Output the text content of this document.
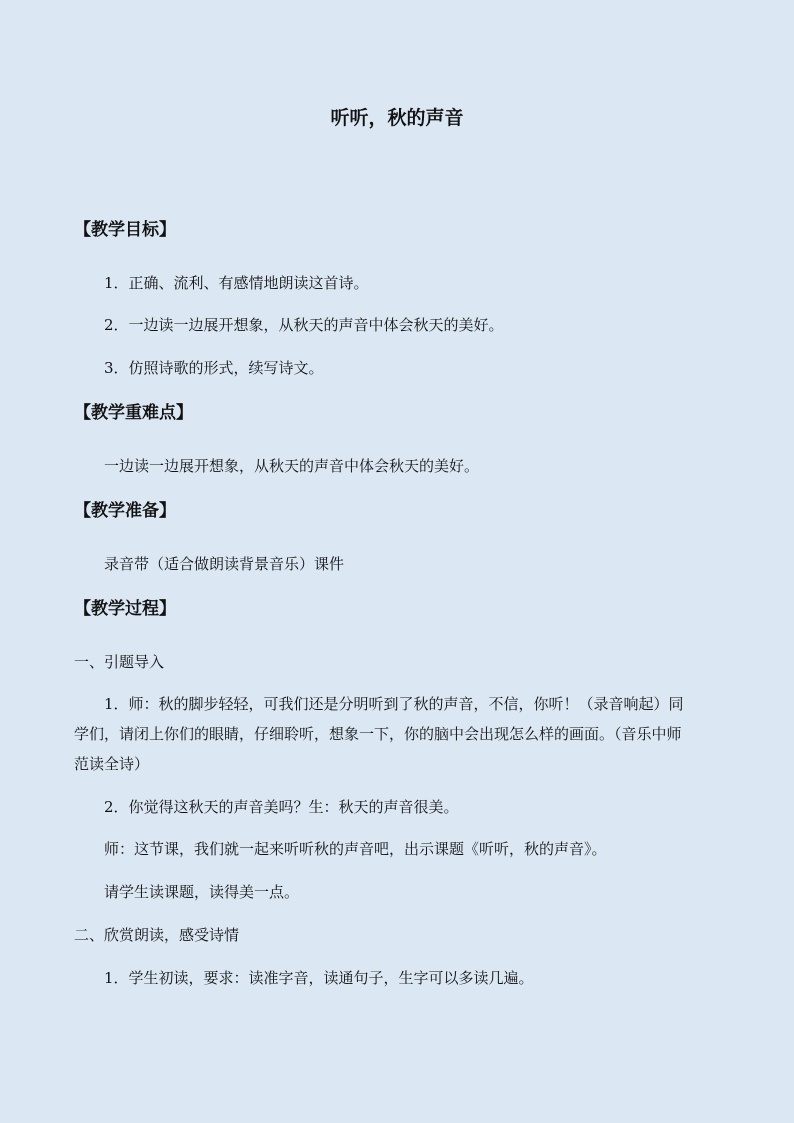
听听，秋的声音
【教学目标】
1．正确、流利、有感情地朗读这首诗。
2．一边读一边展开想象，从秋天的声音中体会秋天的美好。
3．仿照诗歌的形式，续写诗文。
【教学重难点】
一边读一边展开想象，从秋天的声音中体会秋天的美好。
【教学准备】
录音带（适合做朗读背景音乐）课件
【教学过程】
一、引题导入
1．师：秋的脚步轻轻，可我们还是分明听到了秋的声音，不信，你听！（录音响起）同
学们，请闭上你们的眼睛，仔细聆听，想象一下，你的脑中会出现怎么样的画面。（音乐中师
范读全诗）
2．你觉得这秋天的声音美吗？生：秋天的声音很美。
师：这节课，我们就一起来听听秋的声音吧，出示课题《听听，秋的声音》。
请学生读课题，读得美一点。
二、欣赏朗读，感受诗情
1．学生初读，要求：读准字音，读通句子，生字可以多读几遍。
